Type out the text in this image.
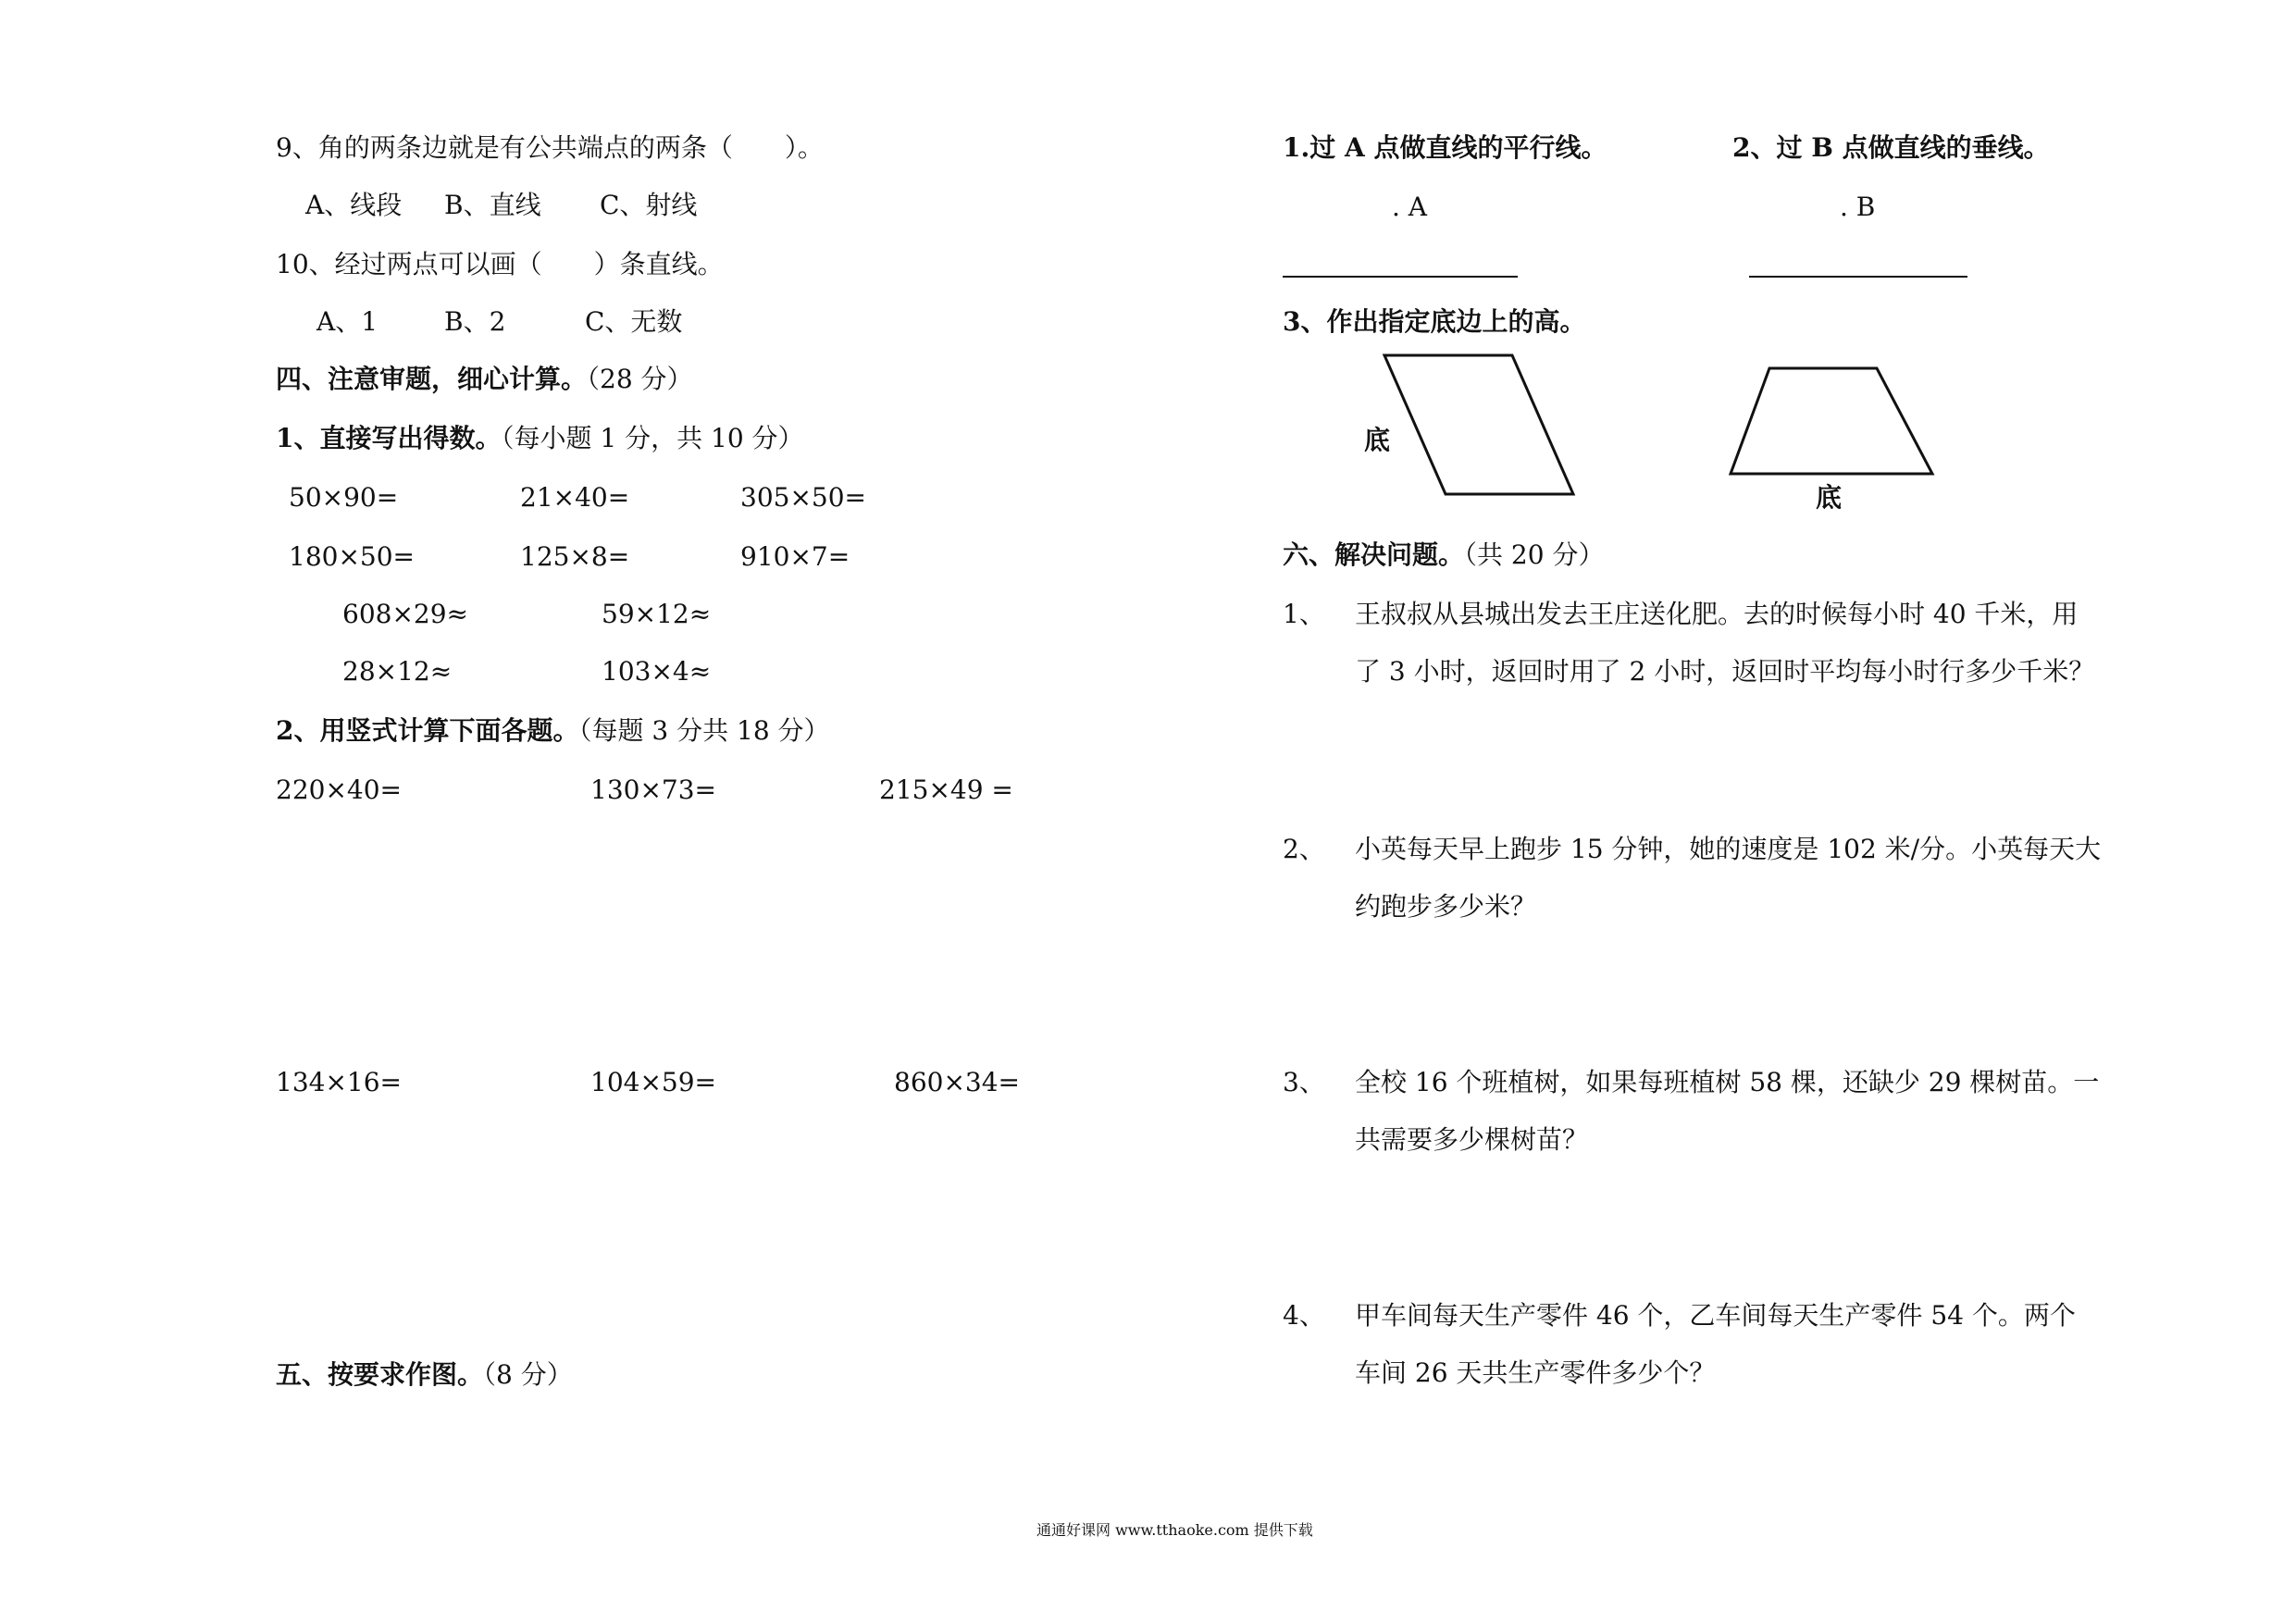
9、角的两条边就是有公共端点的两条（　　）。
A、线段 B、直线 C、射线
10、经过两点可以画（　　）条直线。
A、1	B、2	C、无数
四、注意审题，细心计算。（28 分）
1、直接写出得数。（每小题 1 分，共 10 分）
50×90=	21×40=	305×50=
180×50=	125×8=	910×7=
608×29≈	59×12≈
28×12≈	103×4≈
2、用竖式计算下面各题。（每题 3 分共 18 分）
220×40=	130×73=	215×49 =
134×16=	104×59=	860×34=
五、按要求作图。（8 分）
1.过 A 点做直线的平行线。	2、过 B 点做直线的垂线。
. A	. B
3、作出指定底边上的高。
底
底
六、解决问题。（共 20 分）
1、 王叔叔从县城出发去王庄送化肥。去的时候每小时 40 千米，用
了 3 小时，返回时用了 2 小时，返回时平均每小时行多少千米？
2、 小英每天早上跑步 15 分钟，她的速度是 102 米/分。小英每天大
约跑步多少米？
3、 全校 16 个班植树，如果每班植树 58 棵，还缺少 29 棵树苗。一
共需要多少棵树苗？
4、 甲车间每天生产零件 46 个，乙车间每天生产零件 54 个。两个
车间 26 天共生产零件多少个？
通通好课网 www.tthaoke.com 提供下载
